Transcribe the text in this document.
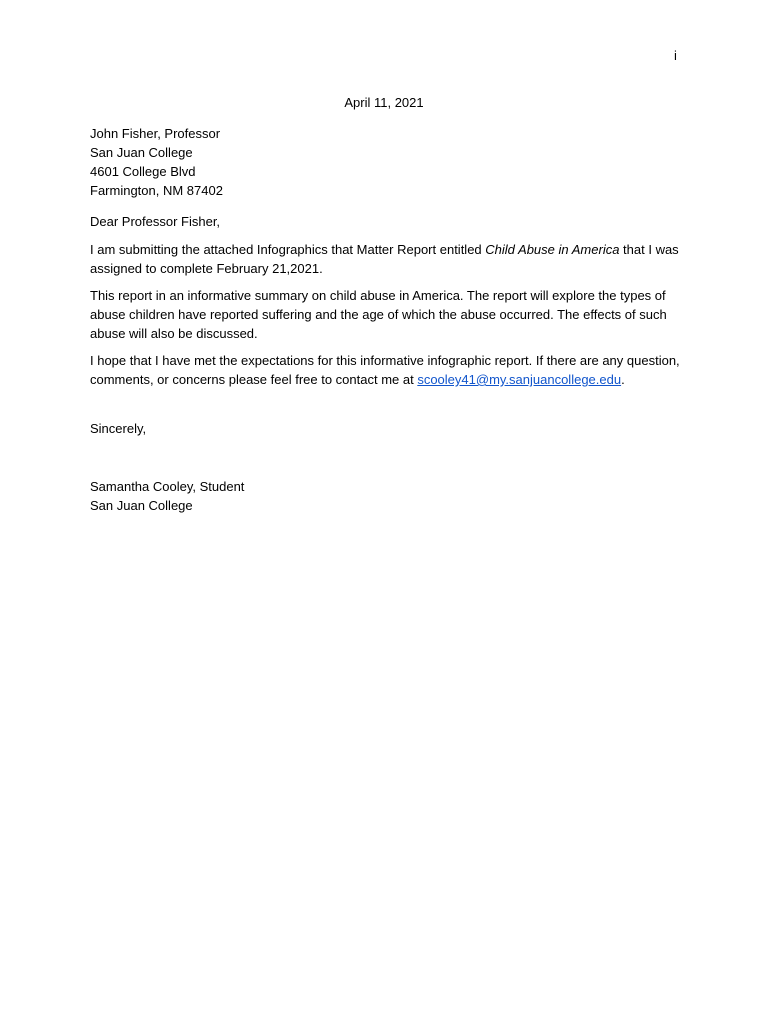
i
April 11, 2021
John Fisher, Professor
San Juan College
4601 College Blvd
Farmington, NM 87402
Dear Professor Fisher,

I am submitting the attached Infographics that Matter Report entitled Child Abuse in America that I was assigned to complete February 21,2021.

This report in an informative summary on child abuse in America. The report will explore the types of abuse children have reported suffering and the age of which the abuse occurred. The effects of such abuse will also be discussed.

I hope that I have met the expectations for this informative infographic report. If there are any question, comments, or concerns please feel free to contact me at scooley41@my.sanjuancollege.edu.

Sincerely,
Samantha Cooley, Student
San Juan College
